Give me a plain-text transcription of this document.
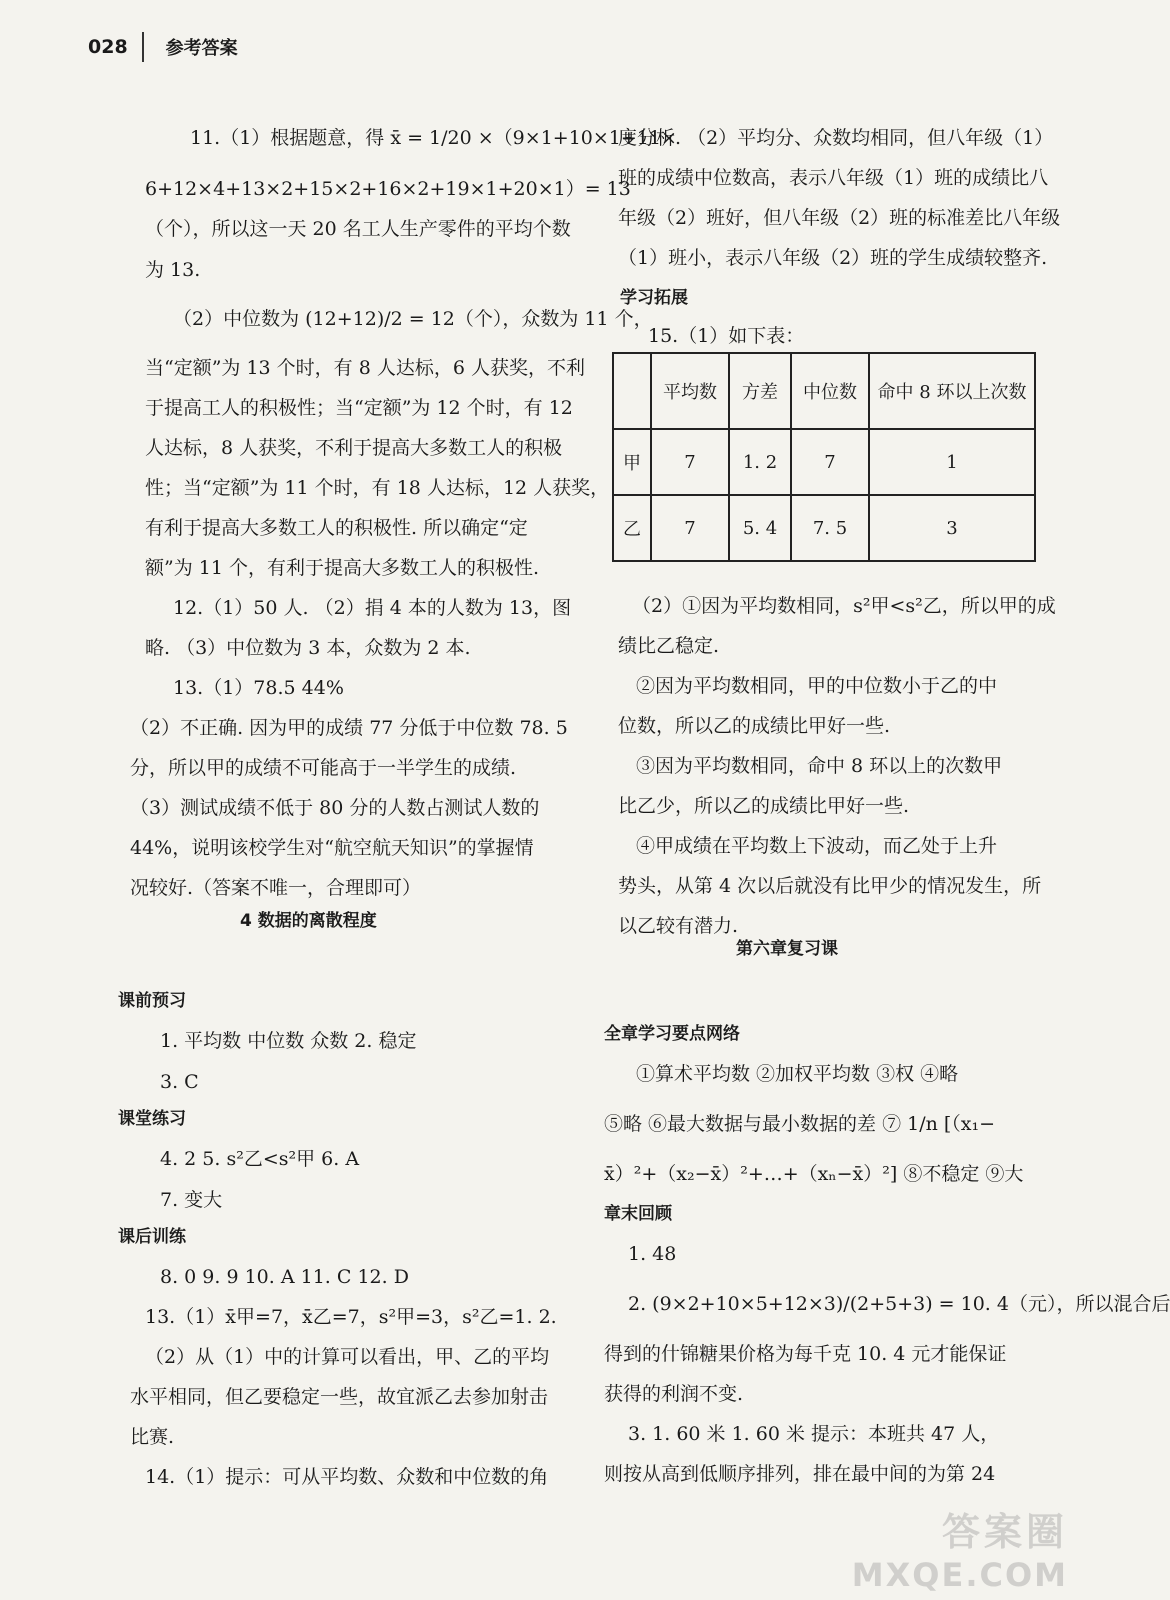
028 参考答案
11.（1）根据题意，得 x̄ = 1/20 ×（9×1+10×1+11×
6+12×4+13×2+15×2+16×2+19×1+20×1）= 13
（个），所以这一天 20 名工人生产零件的平均个数
为 13.
（2）中位数为 (12+12)/2 = 12（个），众数为 11 个，
当“定额”为 13 个时，有 8 人达标，6 人获奖，不利
于提高工人的积极性；当“定额”为 12 个时，有 12
人达标，8 人获奖，不利于提高大多数工人的积极
性；当“定额”为 11 个时，有 18 人达标，12 人获奖，
有利于提高大多数工人的积极性. 所以确定“定
额”为 11 个，有利于提高大多数工人的积极性.
12.（1）50 人. （2）捐 4 本的人数为 13，图
略. （3）中位数为 3 本，众数为 2 本.
13.（1）78.5 44%
（2）不正确. 因为甲的成绩 77 分低于中位数 78. 5
分，所以甲的成绩不可能高于一半学生的成绩.
（3）测试成绩不低于 80 分的人数占测试人数的
44%，说明该校学生对“航空航天知识”的掌握情
况较好.（答案不唯一，合理即可）
1. 平均数 中位数 众数 2. 稳定
3. C
4. 2 5. s²乙<s²甲 6. A
7. 变大
8. 0 9. 9 10. A 11. C 12. D
13.（1）x̄甲=7，x̄乙=7，s²甲=3，s²乙=1. 2.
（2）从（1）中的计算可以看出，甲、乙的平均
水平相同，但乙要稳定一些，故宜派乙去参加射击
比赛.
14.（1）提示：可从平均数、众数和中位数的角
课前预习
课堂练习
课后训练
4 数据的离散程度
度分析. （2）平均分、众数均相同，但八年级（1）
班的成绩中位数高，表示八年级（1）班的成绩比八
年级（2）班好，但八年级（2）班的标准差比八年级
（1）班小，表示八年级（2）班的学生成绩较整齐.
15.（1）如下表：
（2）①因为平均数相同，s²甲<s²乙，所以甲的成
绩比乙稳定.
②因为平均数相同，甲的中位数小于乙的中
位数，所以乙的成绩比甲好一些.
③因为平均数相同，命中 8 环以上的次数甲
比乙少，所以乙的成绩比甲好一些.
④甲成绩在平均数上下波动，而乙处于上升
势头，从第 4 次以后就没有比甲少的情况发生，所
以乙较有潜力.
①算术平均数 ②加权平均数 ③权 ④略
⑤略 ⑥最大数据与最小数据的差 ⑦ 1/n [（x₁−
x̄）²+（x₂−x̄）²+…+（xₙ−x̄）²] ⑧不稳定 ⑨大
1. 48
2. (9×2+10×5+12×3)/(2+5+3) = 10. 4（元），所以混合后
得到的什锦糖果价格为每千克 10. 4 元才能保证
获得的利润不变.
3. 1. 60 米 1. 60 米 提示：本班共 47 人，
则按从高到低顺序排列，排在最中间的为第 24
学习拓展
全章学习要点网络
章末回顾
第六章复习课
	平均数	方差	中位数	命中 8 环以上次数
甲	7	1. 2	7	1
乙	7	5. 4	7. 5	3
答案圈
MXQE.COM
